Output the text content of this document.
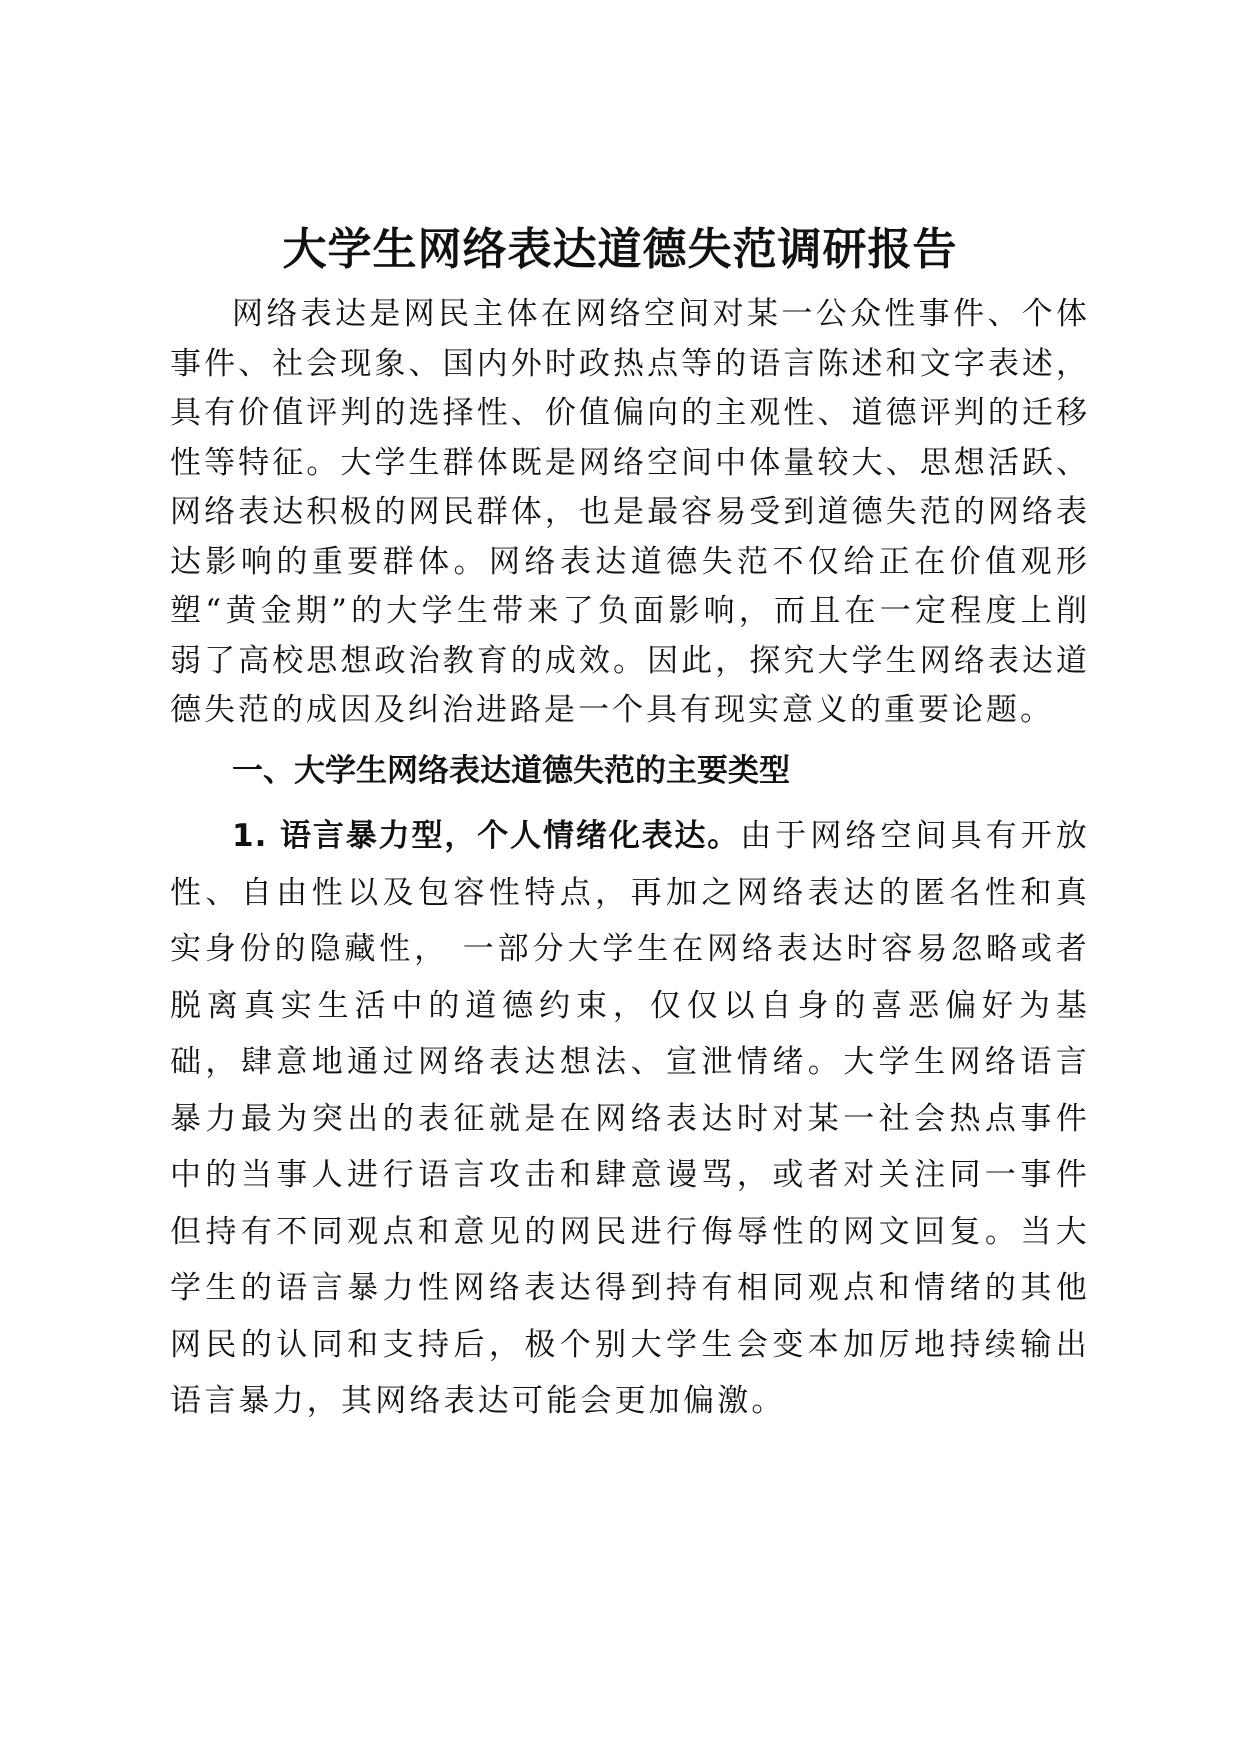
大学生网络表达道德失范调研报告

网络表达是网民主体在网络空间对某一公众性事件、个体事件、社会现象、国内外时政热点等的语言陈述和文字表述，具有价值评判的选择性、价值偏向的主观性、道德评判的迁移性等特征。大学生群体既是网络空间中体量较大、思想活跃、网络表达积极的网民群体，也是最容易受到道德失范的网络表达影响的重要群体。网络表达道德失范不仅给正在价值观形塑“黄金期”的大学生带来了负面影响，而且在一定程度上削弱了高校思想政治教育的成效。因此，探究大学生网络表达道德失范的成因及纠治进路是一个具有现实意义的重要论题。

一、大学生网络表达道德失范的主要类型

1. 语言暴力型，个人情绪化表达。由于网络空间具有开放性、自由性以及包容性特点，再加之网络表达的匿名性和真实身份的隐藏性， 一部分大学生在网络表达时容易忽略或者脱离真实生活中的道德约束，仅仅以自身的喜恶偏好为基础，肆意地通过网络表达想法、宣泄情绪。大学生网络语言暴力最为突出的表征就是在网络表达时对某一社会热点事件中的当事人进行语言攻击和肆意谩骂，或者对关注同一事件但持有不同观点和意见的网民进行侮辱性的网文回复。当大学生的语言暴力性网络表达得到持有相同观点和情绪的其他网民的认同和支持后，极个别大学生会变本加厉地持续输出语言暴力，其网络表达可能会更加偏激。
